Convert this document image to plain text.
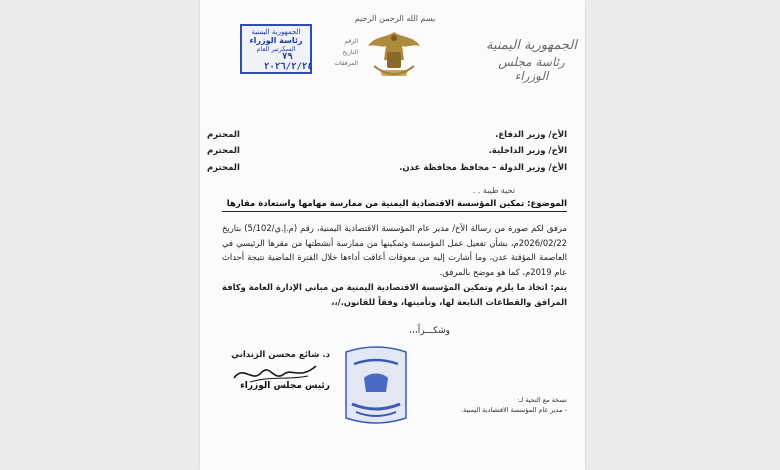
بسم الله الرحمن الرحيم
الجمهورية اليمنية
رئاسة مجلس الوزراء
الجمهورية اليمنية
رئاسة الوزراء
السكرتير العام
الرقم
التاريخ
المرفقات
٧٩
٢٠٢٦/٢/٢٤
الأخ/ وزير الدفاع.
المحترم
الأخ/ وزير الداخلية.
المحترم
الأخ/ وزير الدولة – محافظ محافظة عدن.
المحترم
تحية طيبة . .
الموضوع: تمكين المؤسسة الاقتصادية اليمنية من ممارسة مهامها واستعادة مقارها

مرفق لكم صورة من رسالة الأخ/ مدير عام المؤسسة الاقتصادية اليمنية، رقم (م.إ.ي/5/102) بتاريخ 2026/02/22م، بشأن تفعيل عمل المؤسسة وتمكينها من ممارسة أنشطتها من مقرها الرئيسي في العاصمة المؤقتة عدن، وما أشارت إليه من معوقات أعاقت أداءها خلال الفترة الماضية نتيجة أحداث عام 2019م، كما هو موضح بالمرفق.

يتم: اتخاذ ما يلزم وتمكين المؤسسة الاقتصادية اليمنية من مباني الإدارة العامة وكافة المرافق والقطاعات التابعة لها، وتأمينها، وفقاً للقانون./،،

وشكـــراً،،،
د. شائع محسن الزنداني
رئيس مجلس الوزراء
نسخة مع التحية لـ:
- مدير عام المؤسسة الاقتصادية اليمنية.
